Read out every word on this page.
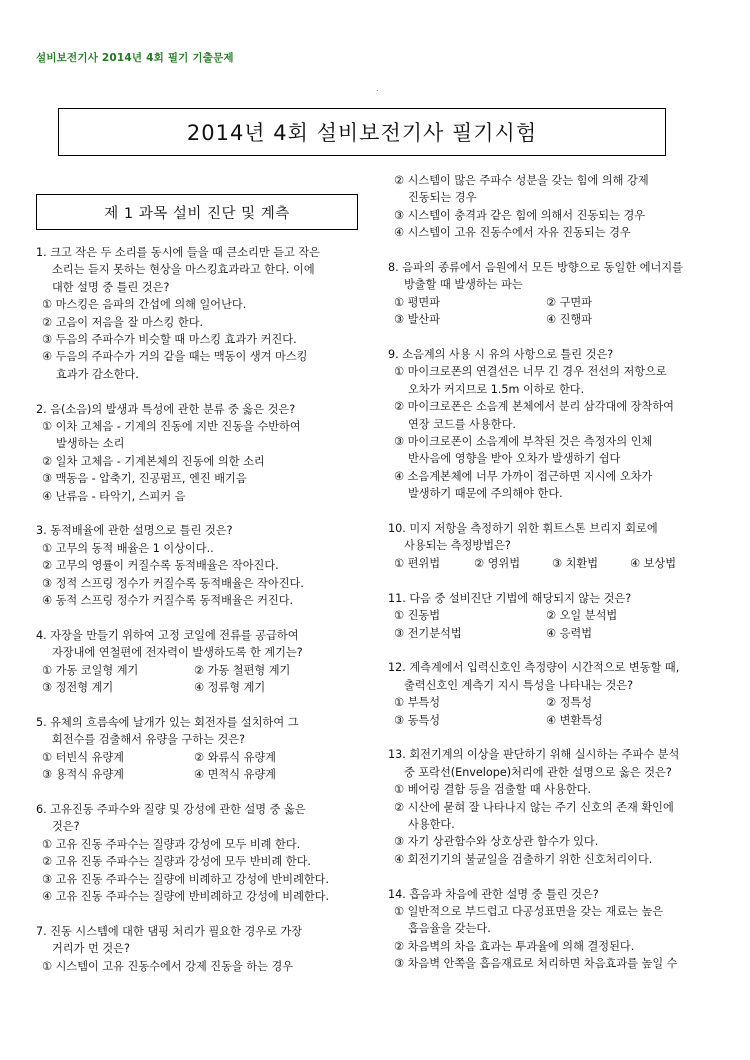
설비보전기사 2014년 4회 필기 기출문제
.
2014년 4회 설비보전기사 필기시험
제 1 과목 설비 진단 및 계측
1. 크고 작은 두 소리를 동시에 들을 때 큰소리만 듣고 작은
소리는 듣지 못하는 현상을 마스킹효과라고 한다. 이에
대한 설명 중 틀린 것은?
① 마스킹은 음파의 간섭에 의해 일어난다.
② 고음이 저음을 잘 마스킹 한다.
③ 두음의 주파수가 비슷할 때 마스킹 효과가 커진다.
④ 두음의 주파수가 거의 같을 때는 맥동이 생겨 마스킹
효과가 감소한다.
2. 음(소음)의 발생과 특성에 관한 분류 중 옳은 것은?
① 이차 고체음 - 기계의 진동에 지반 진동을 수반하여
발생하는 소리
② 일차 고체음 - 기계본체의 진동에 의한 소리
③ 맥동음 - 압축기, 진공펌프, 엔진 배기음
④ 난류음 - 타악기, 스피커 음
3. 동적배율에 관한 설명으로 틀린 것은?
① 고무의 동적 배율은 1 이상이다..
② 고무의 영률이 커질수록 동적배율은 작아진다.
③ 정적 스프링 정수가 커질수록 동적배율은 작아진다.
④ 동적 스프링 정수가 커질수록 동적배율은 커진다.
4. 자장을 만들기 위하여 고정 코일에 전류를 공급하여
자장내에 연철편에 전자력이 발생하도록 한 계기는?
① 가동 코일형 계기	② 가동 철편형 계기
③ 정전형 계기	④ 정류형 계기
5. 유체의 흐름속에 날개가 있는 회전자를 설치하여 그
회전수를 검출해서 유량을 구하는 것은?
① 터빈식 유량계	② 와류식 유량계
③ 용적식 유량계	④ 면적식 유량계
6. 고유진동 주파수와 질량 및 강성에 관한 설명 중 옳은
것은?
① 고유 진동 주파수는 질량과 강성에 모두 비례 한다.
② 고유 진동 주파수는 질량과 강성에 모두 반비례 한다.
③ 고유 진동 주파수는 질량에 비례하고 강성에 반비례한다.
④ 고유 진동 주파수는 질량에 반비례하고 강성에 비례한다.
7. 진동 시스템에 대한 댐핑 처리가 필요한 경우로 가장
거리가 먼 것은?
① 시스템이 고유 진동수에서 강제 진동을 하는 경우
② 시스템이 많은 주파수 성분을 갖는 힘에 의해 강제
진동되는 경우
③ 시스템이 충격과 같은 힘에 의해서 진동되는 경우
④ 시스템이 고유 진동수에서 자유 진동되는 경우
8. 음파의 종류에서 음원에서 모든 방향으로 동일한 에너지를
방출할 때 발생하는 파는
① 평면파	② 구면파
③ 발산파	④ 진행파
9. 소음계의 사용 시 유의 사항으로 틀린 것은?
① 마이크로폰의 연결선은 너무 긴 경우 전선의 저항으로
오차가 커지므로 1.5m 이하로 한다.
② 마이크로폰은 소음계 본체에서 분리 삼각대에 장착하여
연장 코드를 사용한다.
③ 마이크로폰이 소음계에 부착된 것은 측정자의 인체
반사음에 영향을 받아 오차가 발생하기 쉽다
④ 소음계본체에 너무 가까이 접근하면 지시에 오차가
발생하기 때문에 주의해야 한다.
10. 미지 저항을 측정하기 위한 휘트스톤 브리지 회로에
사용되는 측정방법은?
① 편위법	② 영위법	③ 치환법	④ 보상법
11. 다음 중 설비진단 기법에 해당되지 않는 것은?
① 진동법	② 오일 분석법
③ 전기분석법	④ 응력법
12. 계측계에서 입력신호인 측정량이 시간적으로 변동할 때,
출력신호인 계측기 지시 특성을 나타내는 것은?
① 부특성	② 정특성
③ 동특성	④ 변환특성
13. 회전기계의 이상을 판단하기 위해 실시하는 주파수 분석
중 포락선(Envelope)처리에 관한 설명으로 옳은 것은?
① 베어링 결함 등을 검출할 때 사용한다.
② 시산에 묻혀 잘 나타나지 않는 주기 신호의 존재 확인에
사용한다.
③ 자기 상관함수와 상호상관 함수가 있다.
④ 회전기기의 불균일을 검출하기 위한 신호처리이다.
14. 흡음과 차음에 관한 설명 중 틀린 것은?
① 일반적으로 부드럽고 다공성표면을 갖는 재료는 높은
흡음율을 갖는다.
② 차음벽의 차음 효과는 투과율에 의해 결정된다.
③ 차음벽 안쪽을 흡음재료로 처리하면 차음효과를 높일 수
